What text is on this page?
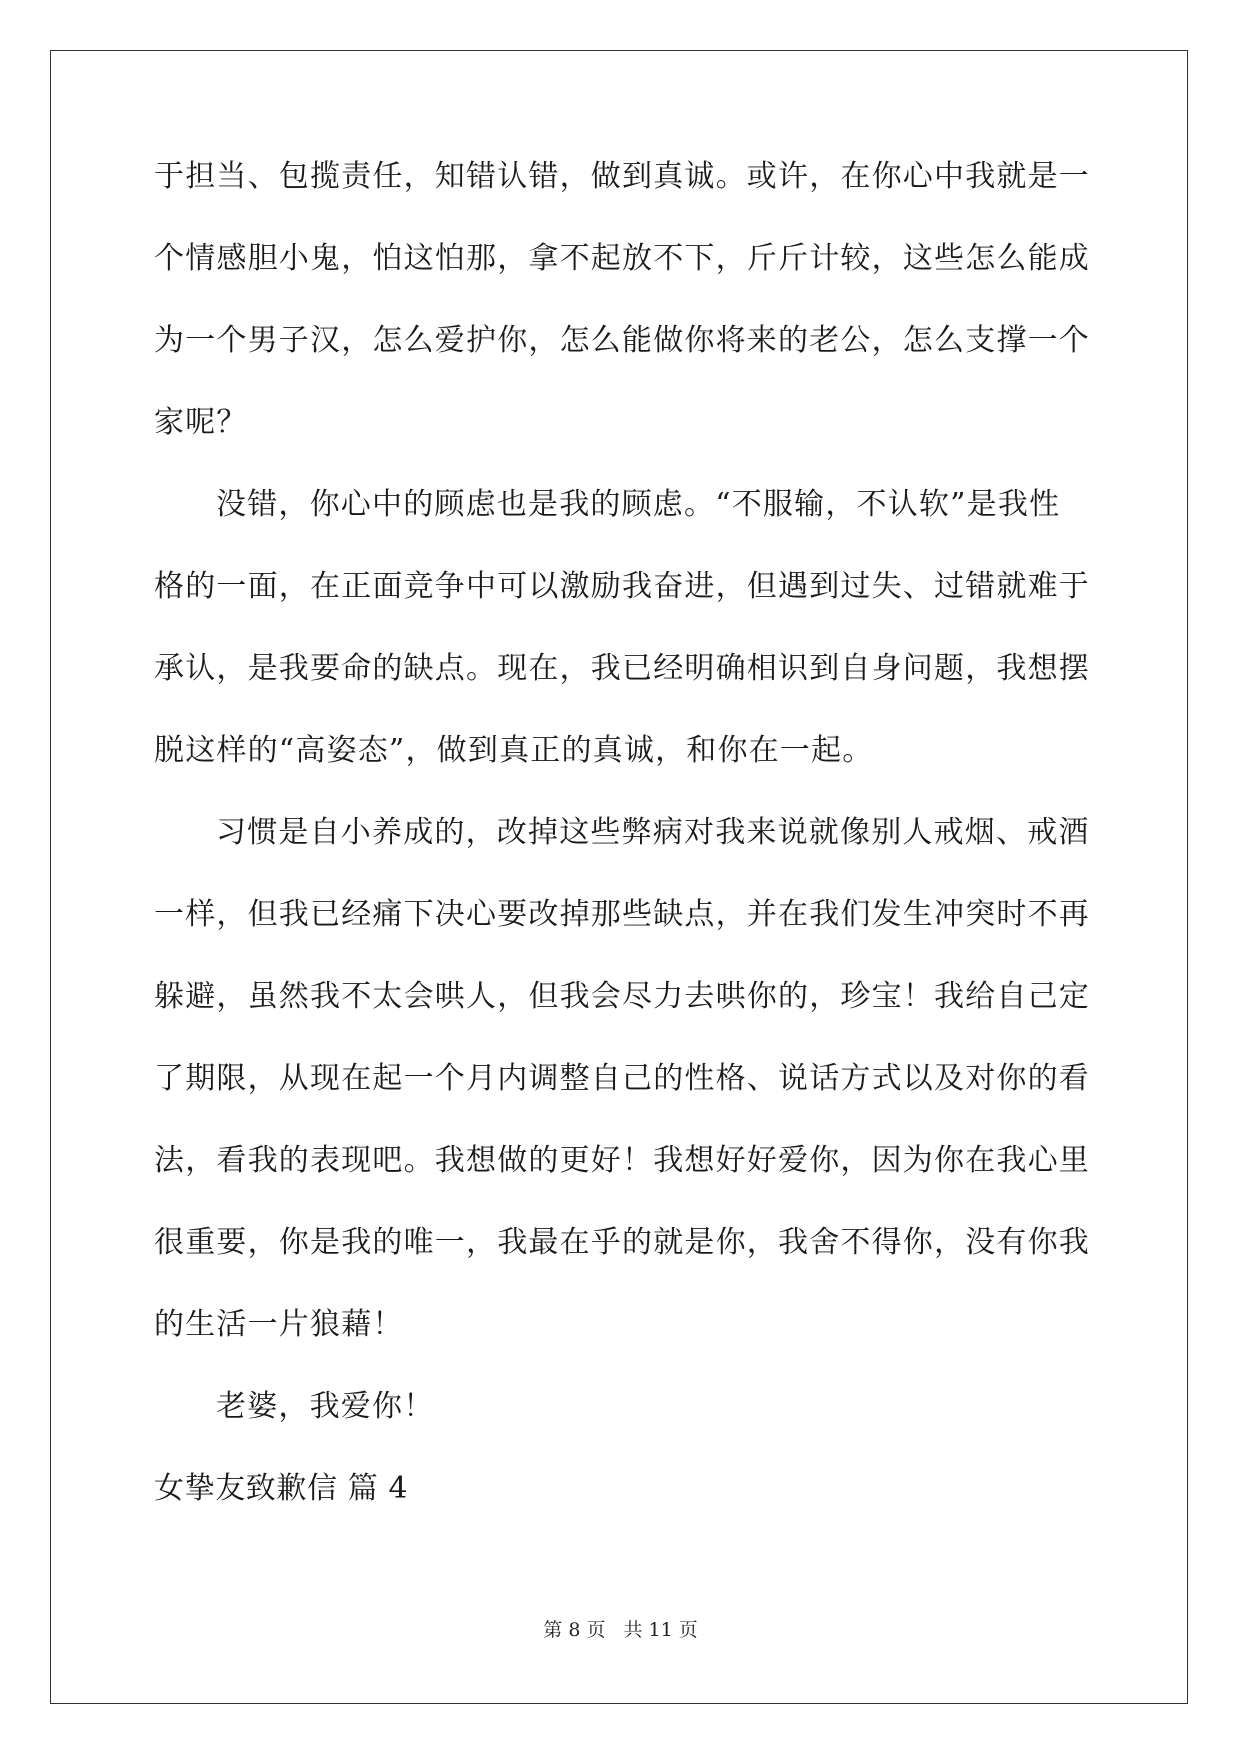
于担当、包揽责任，知错认错，做到真诚。或许，在你心中我就是一
个情感胆小鬼，怕这怕那，拿不起放不下，斤斤计较，这些怎么能成
为一个男子汉，怎么爱护你，怎么能做你将来的老公，怎么支撑一个
家呢？
没错，你心中的顾虑也是我的顾虑。“不服输，不认软”是我性
格的一面，在正面竞争中可以激励我奋进，但遇到过失、过错就难于
承认，是我要命的缺点。现在，我已经明确相识到自身问题，我想摆
脱这样的“高姿态”，做到真正的真诚，和你在一起。
习惯是自小养成的，改掉这些弊病对我来说就像别人戒烟、戒酒
一样，但我已经痛下决心要改掉那些缺点，并在我们发生冲突时不再
躲避，虽然我不太会哄人，但我会尽力去哄你的，珍宝！我给自己定
了期限，从现在起一个月内调整自己的性格、说话方式以及对你的看
法，看我的表现吧。我想做的更好！我想好好爱你，因为你在我心里
很重要，你是我的唯一，我最在乎的就是你，我舍不得你，没有你我
的生活一片狼藉！
老婆，我爱你！
女挚友致歉信 篇 4
第 8 页 共 11 页
